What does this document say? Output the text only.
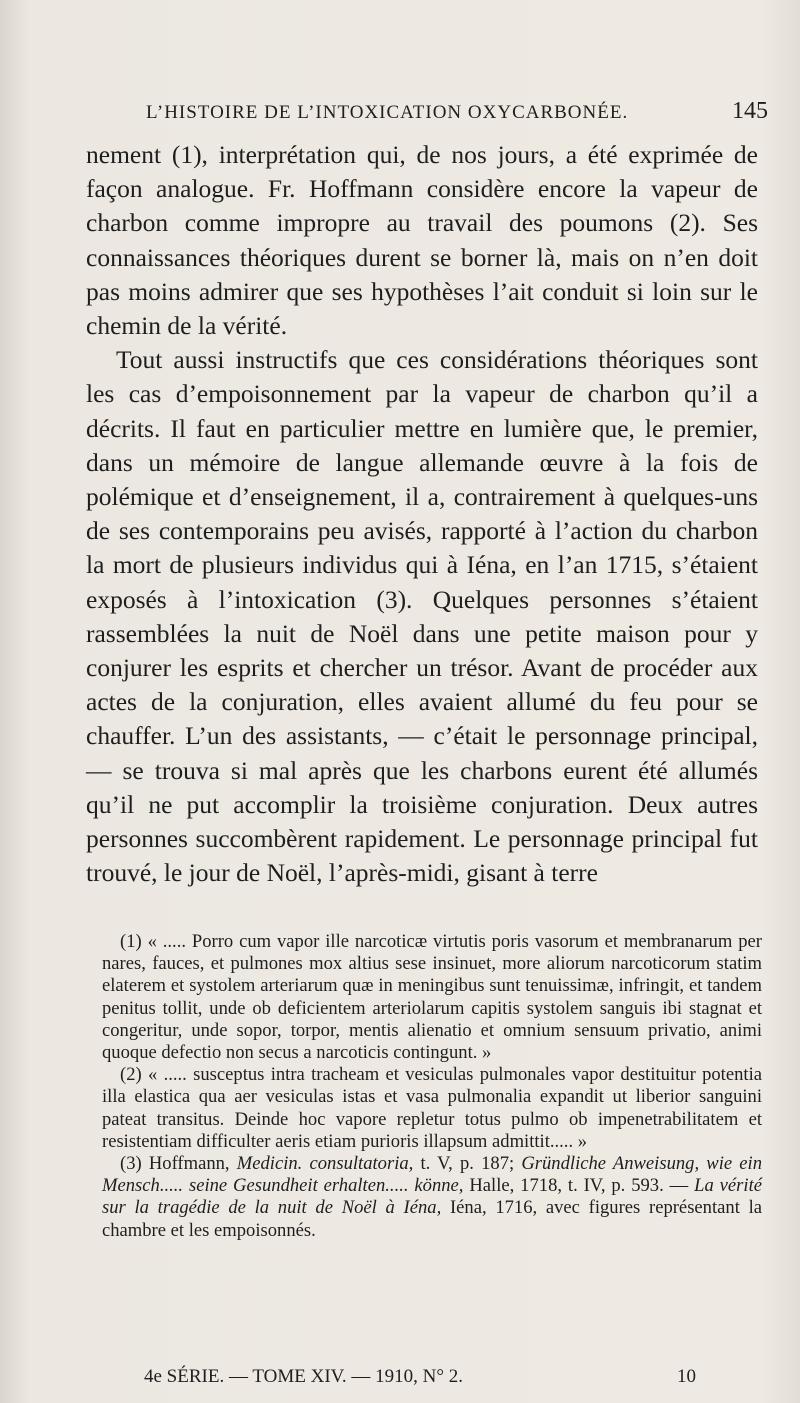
L’HISTOIRE DE L’INTOXICATION OXYCARBONÉE.	145

nement (1), interprétation qui, de nos jours, a été exprimée de façon analogue. Fr. Hoffmann considère encore la vapeur de charbon comme impropre au travail des poumons (2). Ses connaissances théoriques durent se borner là, mais on n’en doit pas moins admirer que ses hypothèses l’ait conduit si loin sur le chemin de la vérité.

Tout aussi instructifs que ces considérations théoriques sont les cas d’empoisonnement par la vapeur de charbon qu’il a décrits. Il faut en particulier mettre en lumière que, le premier, dans un mémoire de langue allemande œuvre à la fois de polémique et d’enseignement, il a, contrairement à quelques-uns de ses contemporains peu avisés, rapporté à l’action du charbon la mort de plusieurs individus qui à Iéna, en l’an 1715, s’étaient exposés à l’intoxication (3). Quelques personnes s’étaient rassemblées la nuit de Noël dans une petite maison pour y conjurer les esprits et chercher un trésor. Avant de procéder aux actes de la conjuration, elles avaient allumé du feu pour se chauffer. L’un des assistants, — c’était le personnage principal, — se trouva si mal après que les charbons eurent été allumés qu’il ne put accomplir la troisième conjuration. Deux autres personnes succombèrent rapidement. Le personnage principal fut trouvé, le jour de Noël, l’après-midi, gisant à terre

(1) « ..... Porro cum vapor ille narcoticæ virtutis poris vasorum et membranarum per nares, fauces, et pulmones mox altius sese insinuet, more aliorum narcoticorum statim elaterem et systolem arteriarum quæ in meningibus sunt tenuissimæ, infringit, et tandem penitus tollit, unde ob deficientem arteriolarum capitis systolem sanguis ibi stagnat et congeritur, unde sopor, torpor, mentis alienatio et omnium sensuum privatio, animi quoque defectio non secus a narcoticis contingunt. »

(2) « ..... susceptus intra tracheam et vesiculas pulmonales vapor destituitur potentia illa elastica qua aer vesiculas istas et vasa pulmonalia expandit ut liberior sanguini pateat transitus. Deinde hoc vapore repletur totus pulmo ob impenetrabilitatem et resistentiam difficulter aeris etiam purioris illapsum admittit..... »

(3) Hoffmann, Medicin. consultatoria, t. V, p. 187; Gründliche Anweisung, wie ein Mensch..... seine Gesundheit erhalten..... könne, Halle, 1718, t. IV, p. 593. — La vérité sur la tragédie de la nuit de Noël à Iéna, Iéna, 1716, avec figures représentant la chambre et les empoisonnés.

4e SÉRIE. — TOME XIV. — 1910, N° 2.	10
